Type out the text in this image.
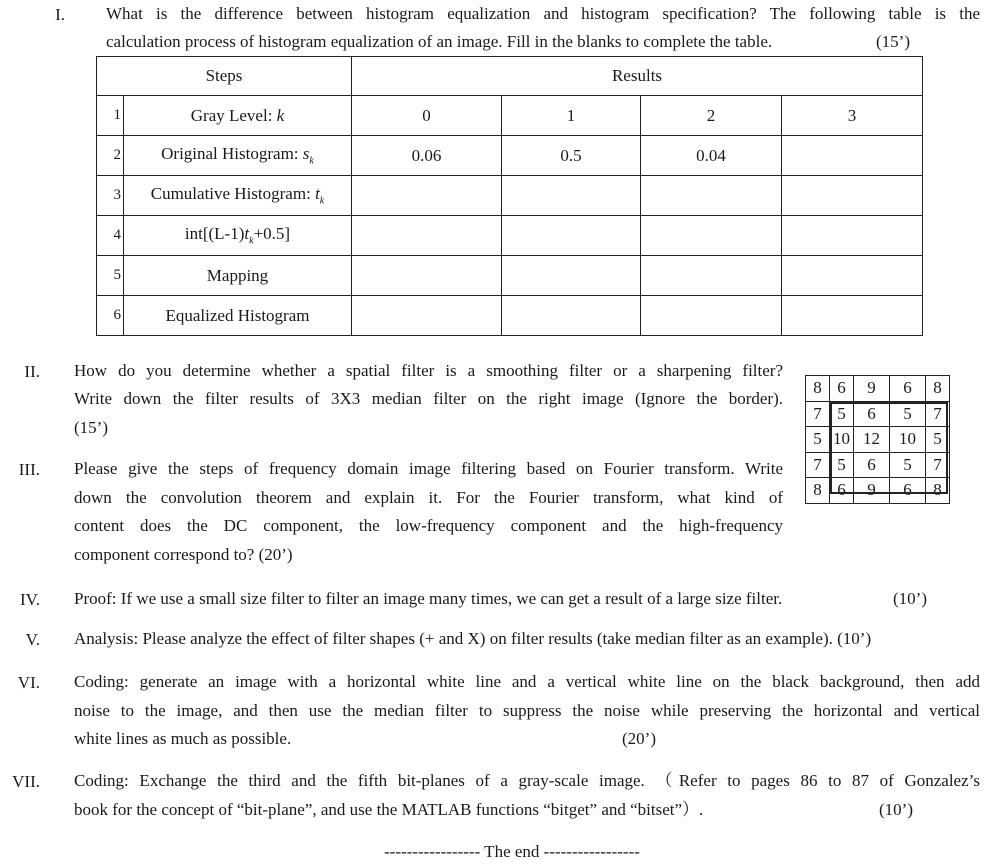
I. What is the difference between histogram equalization and histogram specification? The following table is the
calculation process of histogram equalization of an image. Fill in the blanks to complete the table.	(15’)
Steps		Results			
1	Gray Level: k	0	1	2	3
2	Original Histogram: $s_k$	0.06	0.5	0.04	
3	Cumulative Histogram: $t_k$				
4	$int[(L-1)t_k+0.5]$				
5	Mapping				
6	Equalized Histogram				
II. How do you determine whether a spatial filter is a smoothing filter or a sharpening filter?
Write down the filter results of 3X3 median filter on the right image (Ignore the border).
(15’)
8	6	9	6	8
7	5	6	5	7
5	10	12	10	5
7	5	6	5	7
8	6	9	6	8
III. Please give the steps of frequency domain image filtering based on Fourier transform. Write
down the convolution theorem and explain it. For the Fourier transform, what kind of
content does the DC component, the low-frequency component and the high-frequency
component correspond to? (20’)
IV. Proof: If we use a small size filter to filter an image many times, we can get a result of a large size filter.	(10’)
V. Analysis: Please analyze the effect of filter shapes (+ and X) on filter results (take median filter as an example). (10’)
VI. Coding: generate an image with a horizontal white line and a vertical white line on the black background, then add
noise to the image, and then use the median filter to suppress the noise while preserving the horizontal and vertical
white lines as much as possible.	(20’)
VII. Coding: Exchange the third and the fifth bit-planes of a gray-scale image. （Refer to pages 86 to 87 of Gonzalez’s
book for the concept of “bit-plane”, and use the MATLAB functions “bitget” and “bitset”）.	(10’)
----------------- The end -----------------
